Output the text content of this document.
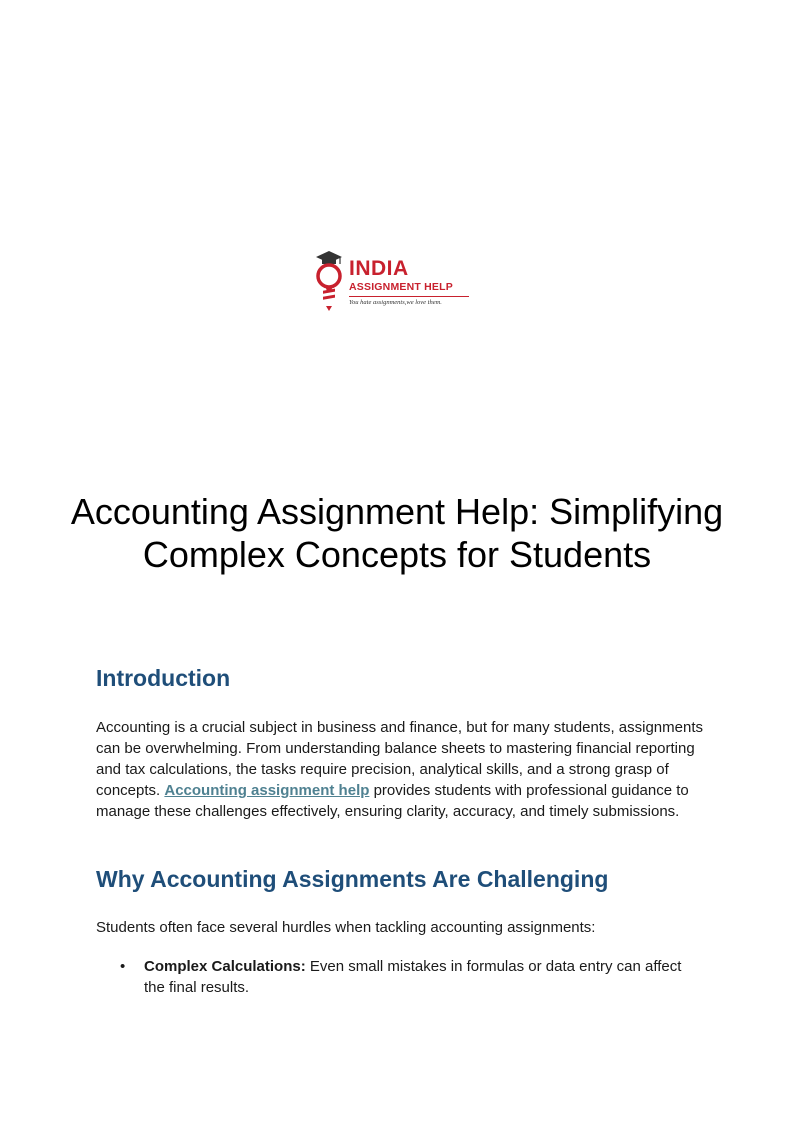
INDIA
ASSIGNMENT HELP
You hate assignments,we love them.
Accounting Assignment Help: Simplifying Complex Concepts for Students
Introduction

Accounting is a crucial subject in business and finance, but for many students, assignments can be overwhelming. From understanding balance sheets to mastering financial reporting and tax calculations, the tasks require precision, analytical skills, and a strong grasp of concepts. Accounting assignment help provides students with professional guidance to manage these challenges effectively, ensuring clarity, accuracy, and timely submissions.

Why Accounting Assignments Are Challenging

Students often face several hurdles when tackling accounting assignments:

• Complex Calculations: Even small mistakes in formulas or data entry can affect the final results.
